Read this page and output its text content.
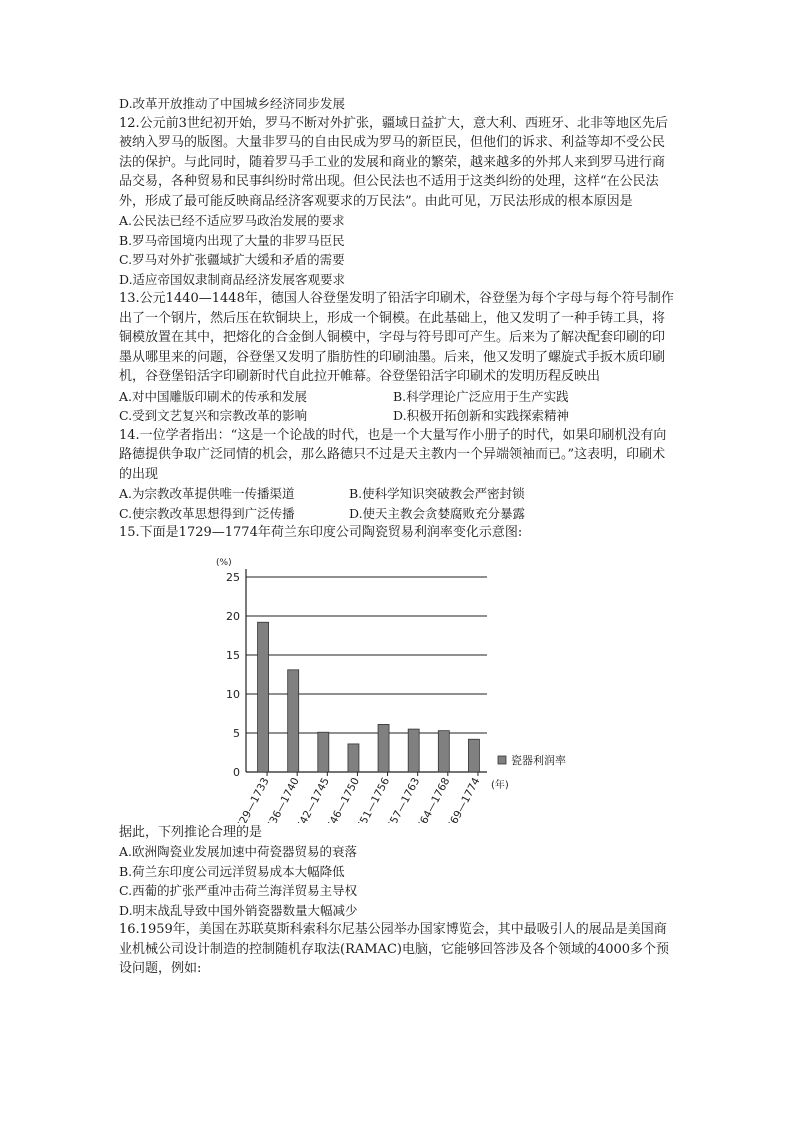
D.改革开放推动了中国城乡经济同步发展

12.公元前3世纪初开始，罗马不断对外扩张，疆域日益扩大，意大利、西班牙、北非等地区先后被纳入罗马的版图。大量非罗马的自由民成为罗马的新臣民，但他们的诉求、利益等却不受公民法的保护。与此同时，随着罗马手工业的发展和商业的繁荣，越来越多的外邦人来到罗马进行商品交易，各种贸易和民事纠纷时常出现。但公民法也不适用于这类纠纷的处理，这样“在公民法外，形成了最可能反映商品经济客观要求的万民法”。由此可见，万民法形成的根本原因是

A.公民法已经不适应罗马政治发展的要求

B.罗马帝国境内出现了大量的非罗马臣民

C.罗马对外扩张疆域扩大缓和矛盾的需要

D.适应帝国奴隶制商品经济发展客观要求

13.公元1440—1448年，德国人谷登堡发明了铅活字印刷术，谷登堡为每个字母与每个符号制作出了一个钢片，然后压在软铜块上，形成一个铜模。在此基础上，他又发明了一种手铸工具，将铜模放置在其中，把熔化的合金倒人铜模中，字母与符号即可产生。后来为了解决配套印刷的印墨从哪里来的问题，谷登堡又发明了脂肪性的印刷油墨。后来，他又发明了螺旋式手扳木质印刷机，谷登堡铅活字印刷新时代自此拉开帷幕。谷登堡铅活字印刷术的发明历程反映出

A.对中国雕版印刷术的传承和发展	B.科学理论广泛应用于生产实践

C.受到文艺复兴和宗教改革的影响	D.积极开拓创新和实践探索精神

14.一位学者指出：“这是一个论战的时代，也是一个大量写作小册子的时代，如果印刷机没有向路德提供争取广泛同情的机会，那么路德只不过是天主教内一个异端领袖而已。”这表明，印刷术的出现

A.为宗教改革提供唯一传播渠道	B.使科学知识突破教会严密封锁

C.使宗教改革思想得到广泛传播	D.使天主教会贪婪腐败充分暴露

15.下面是1729—1774年荷兰东印度公司陶瓷贸易利润率变化示意图:

(%)
0
5
10
15
20
25
1729—1733
1736—1740
1742—1745
1746—1750
1751—1756
1757—1763
1764—1768
1769—1774 (年)
瓷器利润率

据此，下列推论合理的是

A.欧洲陶瓷业发展加速中荷瓷器贸易的衰落

B.荷兰东印度公司远洋贸易成本大幅降低

C.西葡的扩张严重冲击荷兰海洋贸易主导权

D.明末战乱导致中国外销瓷器数量大幅减少

16.1959年，美国在苏联莫斯科索科尔尼基公园举办国家博览会，其中最吸引人的展品是美国商业机械公司设计制造的控制随机存取法(RAMAC)电脑，它能够回答涉及各个领域的4000多个预设问题，例如:
